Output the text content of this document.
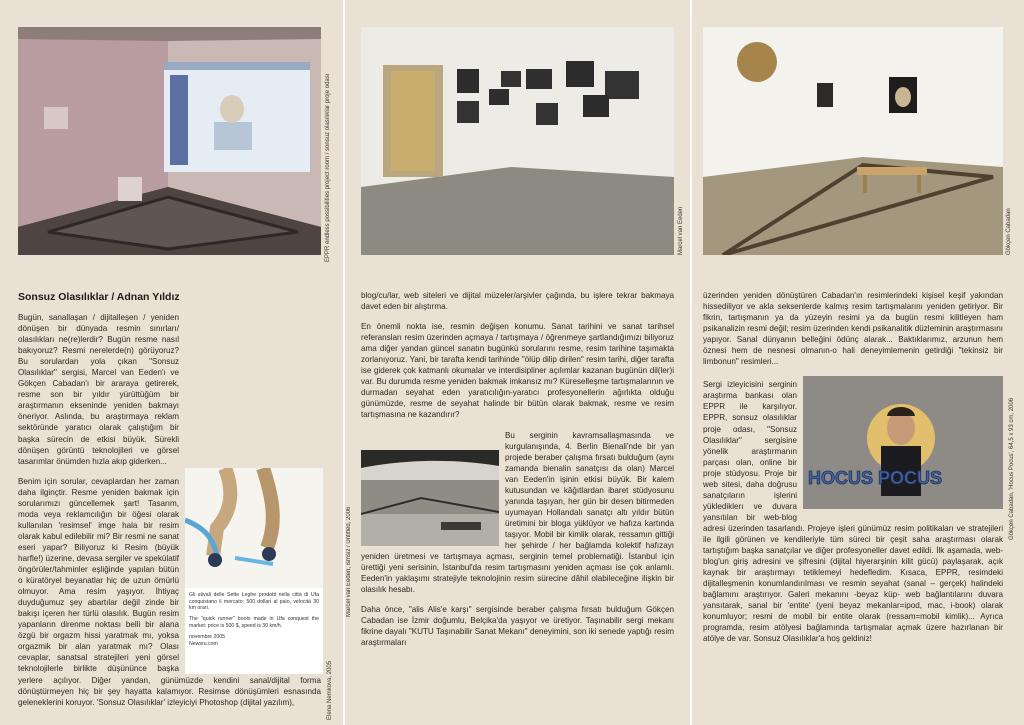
EPPR endless possibilities project room / sonsuz olasılıklar proje odası
Sonsuz Olasılıklar / Adnan Yıldız
Gli stivali delle Sette Leghe prodotti nella città di Ufa conquistano il mercato: 500 dollari al paio, velocità 30 km orari.
The "quick runner" boots made in Ufa conquest the market: price is 500 $, speed is 30 km/h.
novembre 2005
Newsru.com

Bugün, sanallaşan / dijitalleşen / yeniden dönüşen bir dünyada resmin sınırları/ olasılıkları ne(re)lerdir? Bugün resme nasıl bakıyoruz? Resmi nerelerde(n) görüyoruz? Bu sorulardan yola çıkan "Sonsuz Olasılıklar" sergisi, Marcel van Eeden'ı ve Gökçen Cabadan'ı bir araraya getirerek, resme son bir yıldır yürüttüğüm bir araştırmanın ekseninde yeniden bakmayı öneriyor. Aslında, bu araştırmaya reklam sektöründe yaratıcı olarak çalıştığım bir başka sürecin de etkisi büyük. Sürekli dönüşen görüntü teknolojileri ve görsel tasarımlar önümden hızla akıp giderken...

Benim için sorular, cevaplardan her zaman daha ilginçtir. Resme yeniden bakmak için sorularımızı güncellemek şart! Tasarım, moda veya reklamcılığın bir öğesi olarak kullanılan 'resimsel' imge hala bir resim olarak kabul edilebilir mi? Bir resmi ne sanat eseri yapar? Biliyoruz ki Resim (büyük harfle!) üzerine, devasa sergiler ve spekülatif öngörüler/tahminler eşliğinde yapılan bütün o küratöryel beyanatlar hiç de uzun ömürlü olmuyor. Ama resim yaşıyor. İhtiyaç duyduğumuz şey abartılar değil zinde bir bakışı içeren her türlü olasılık. Bugün resim yapanların direnme noktası belli bir alana özgü bir orgazm hissi yaratmak mı, yoksa orgazmik bir alan yaratmak mı? Olası cevaplar, sanatsal stratejileri yeni görsel teknolojilerle birlikte düşününce başka yerlere açılıyor. Diğer yandan, günümüzde kendini sanal/dijital forma dönüştürmeyen hiç bir şey hayatta kalamıyor. Resimse dönüşümleri esnasında geleneklerini koruyor. 'Sonsuz Olasılıklar' izleyiciyi Photoshop (dijital yazılım),	Elena Nemkova, 2005
Marcel van Eeden

blog/cu/lar, web siteleri ve dijital müzeler/arşivler çağında, bu işlere tekrar bakmaya davet eden bir alıştırma.

En önemli nokta ise, resmin değişen konumu. Sanat tarihini ve sanat tarihsel referansları resim üzerinden açmaya / tartışmaya / öğrenmeye şartlandığımızı biliyoruz ama diğer yandan güncel sanatın bugünkü sorularını resme, resim tarihine taşımakta zorlanıyoruz. Yani, bir tarafta kendi tarihinde "ölüp dilip dirilen" resim tarihi, diğer tarafta ise giderek çok katmanlı okumalar ve interdisipliner açılımlar kazanan bugünün dil(ler)i var. Bu durumda resme yeniden bakmak imkansız mı? Küreselleşme tartışmalarının ve durmadan seyahat eden yaratıcılığın-yaratıcı profesyonellerin ağırlıkta olduğu günümüzde, resme de seyahat halinde bir bütün olarak bakmak, resme ve resim tartışmasına ne kazandırır?

Bu serginin kavramsallaşmasında ve kurgulanışında, 4. Berlin Bienali'nde bir yan projede beraber çalışma fırsatı bulduğum (aynı zamanda bienalin sanatçısı da olan) Marcel van Eeden'in işinin etkisi büyük. Bir kalem kutusundan ve kâğıtlardan ibaret stüdyosunu yanında taşıyan, her gün bir desen bitirmeden uyumayan Hollandalı sanatçı altı yıldır bütün üretimini bir bloga yüklüyor ve hafıza kartında taşıyor. Mobil bir kimlik olarak, ressamın gittiği her şehirde / her bağlamda kolektif hafızayı yeniden üretmesi ve tartışmaya açması, serginin temel problematiği. İstanbul için ürettiği yeni serisinin, İstanbul'da resim tartışmasını yeniden açması ise çok anlamlı. Eeden'in yaklaşımı stratejiyle teknolojinin resim sürecine dâhil olabileceğine ilişkin bir olasılık hesabı.

Daha önce, "alis Alis'e karşı" sergisinde beraber çalışma fırsatı bulduğum Gökçen Cabadan ise İzmir doğumlu, Belçika'da yaşıyor ve üretiyor. Taşınabilir sergi mekanı fikrine dayalı "KUTU Taşınabilir Sanat Mekanı" deneyimini, son iki senede yaptığı resim araştırmaları

Marcel van Eeden, ismsiz / Untitled, 2006
Gökçen Cabadan

üzerinden yeniden dönüştüren Cabadan'ın resimlerindeki kişisel keşif yakından hissediliyor ve akla seksenlerde kalmış resim tartışmalarını yeniden getiriyor. Bir fikrin, tartışmanın ya da yüzeyin resimi ya da bugün resmi kilitleyen ham psikanalizin resmi değil; resim üzerinden kendi psikanalitik düzleminin araştırmasını yapıyor. Sanal dünyanın belleğini ödünç alarak... Baktıklarımız, arzunun hem öznesi hem de nesnesi olmanın-o hali deneyimlemenin getirdiği "tekinsiz bir limbonun" resimleri...

HOCUS POCUS

Sergi izleyicisini serginin araştırma bankası olan EPPR ile karşılıyor. EPPR, sonsuz olasılıklar proje odası, "Sonsuz Olasılıklar" sergisine yönelik araştırmanın parçası olan, online bir proje stüdyosu. Proje bir web sitesi, daha doğrusu sanatçıların işlerini yüklediklerı ve duvara yansıtılan bir web-blog adresi üzerinden tasarlandı. Projeye işleri günümüz resim politikaları ve stratejileri ile ilgili görünen ve kendileriyle tüm süreci bir çeşit saha araştırması olarak tartıştığım başka sanatçılar ve diğer profesyoneller davet edildi. İlk aşamada, web-blog'un giriş adresini ve şifresini (dijital hiyerarşinin kilit gücü) paylaşarak, açık kaynak bir araştırmayı tetiklemeyi hedefledim. Kısaca, EPPR, resimdeki dijitalleşmenin konumlandırılması ve resmin seyahat (sanal – gerçek) halindeki bağlamını araştırıyor. Galeri mekanını -beyaz küp- web bağlantılarını duvara yansıtarak, sanal bir 'entite' (yeni beyaz mekanlar=ipod, mac, i-book) olarak konumluyor; resmi de mobil bir entite olarak (ressam=mobil kimlik)... Ayrıca programda, resim atölyesi bağlamında tartışmalar açmak üzere hazırlanan bir atölye de var. Sonsuz Olasılıklar'a hoş geldiniz!

Gökçen Cabadan, 'Hocus Pocus', 64,5 x 93 cm, 2006
